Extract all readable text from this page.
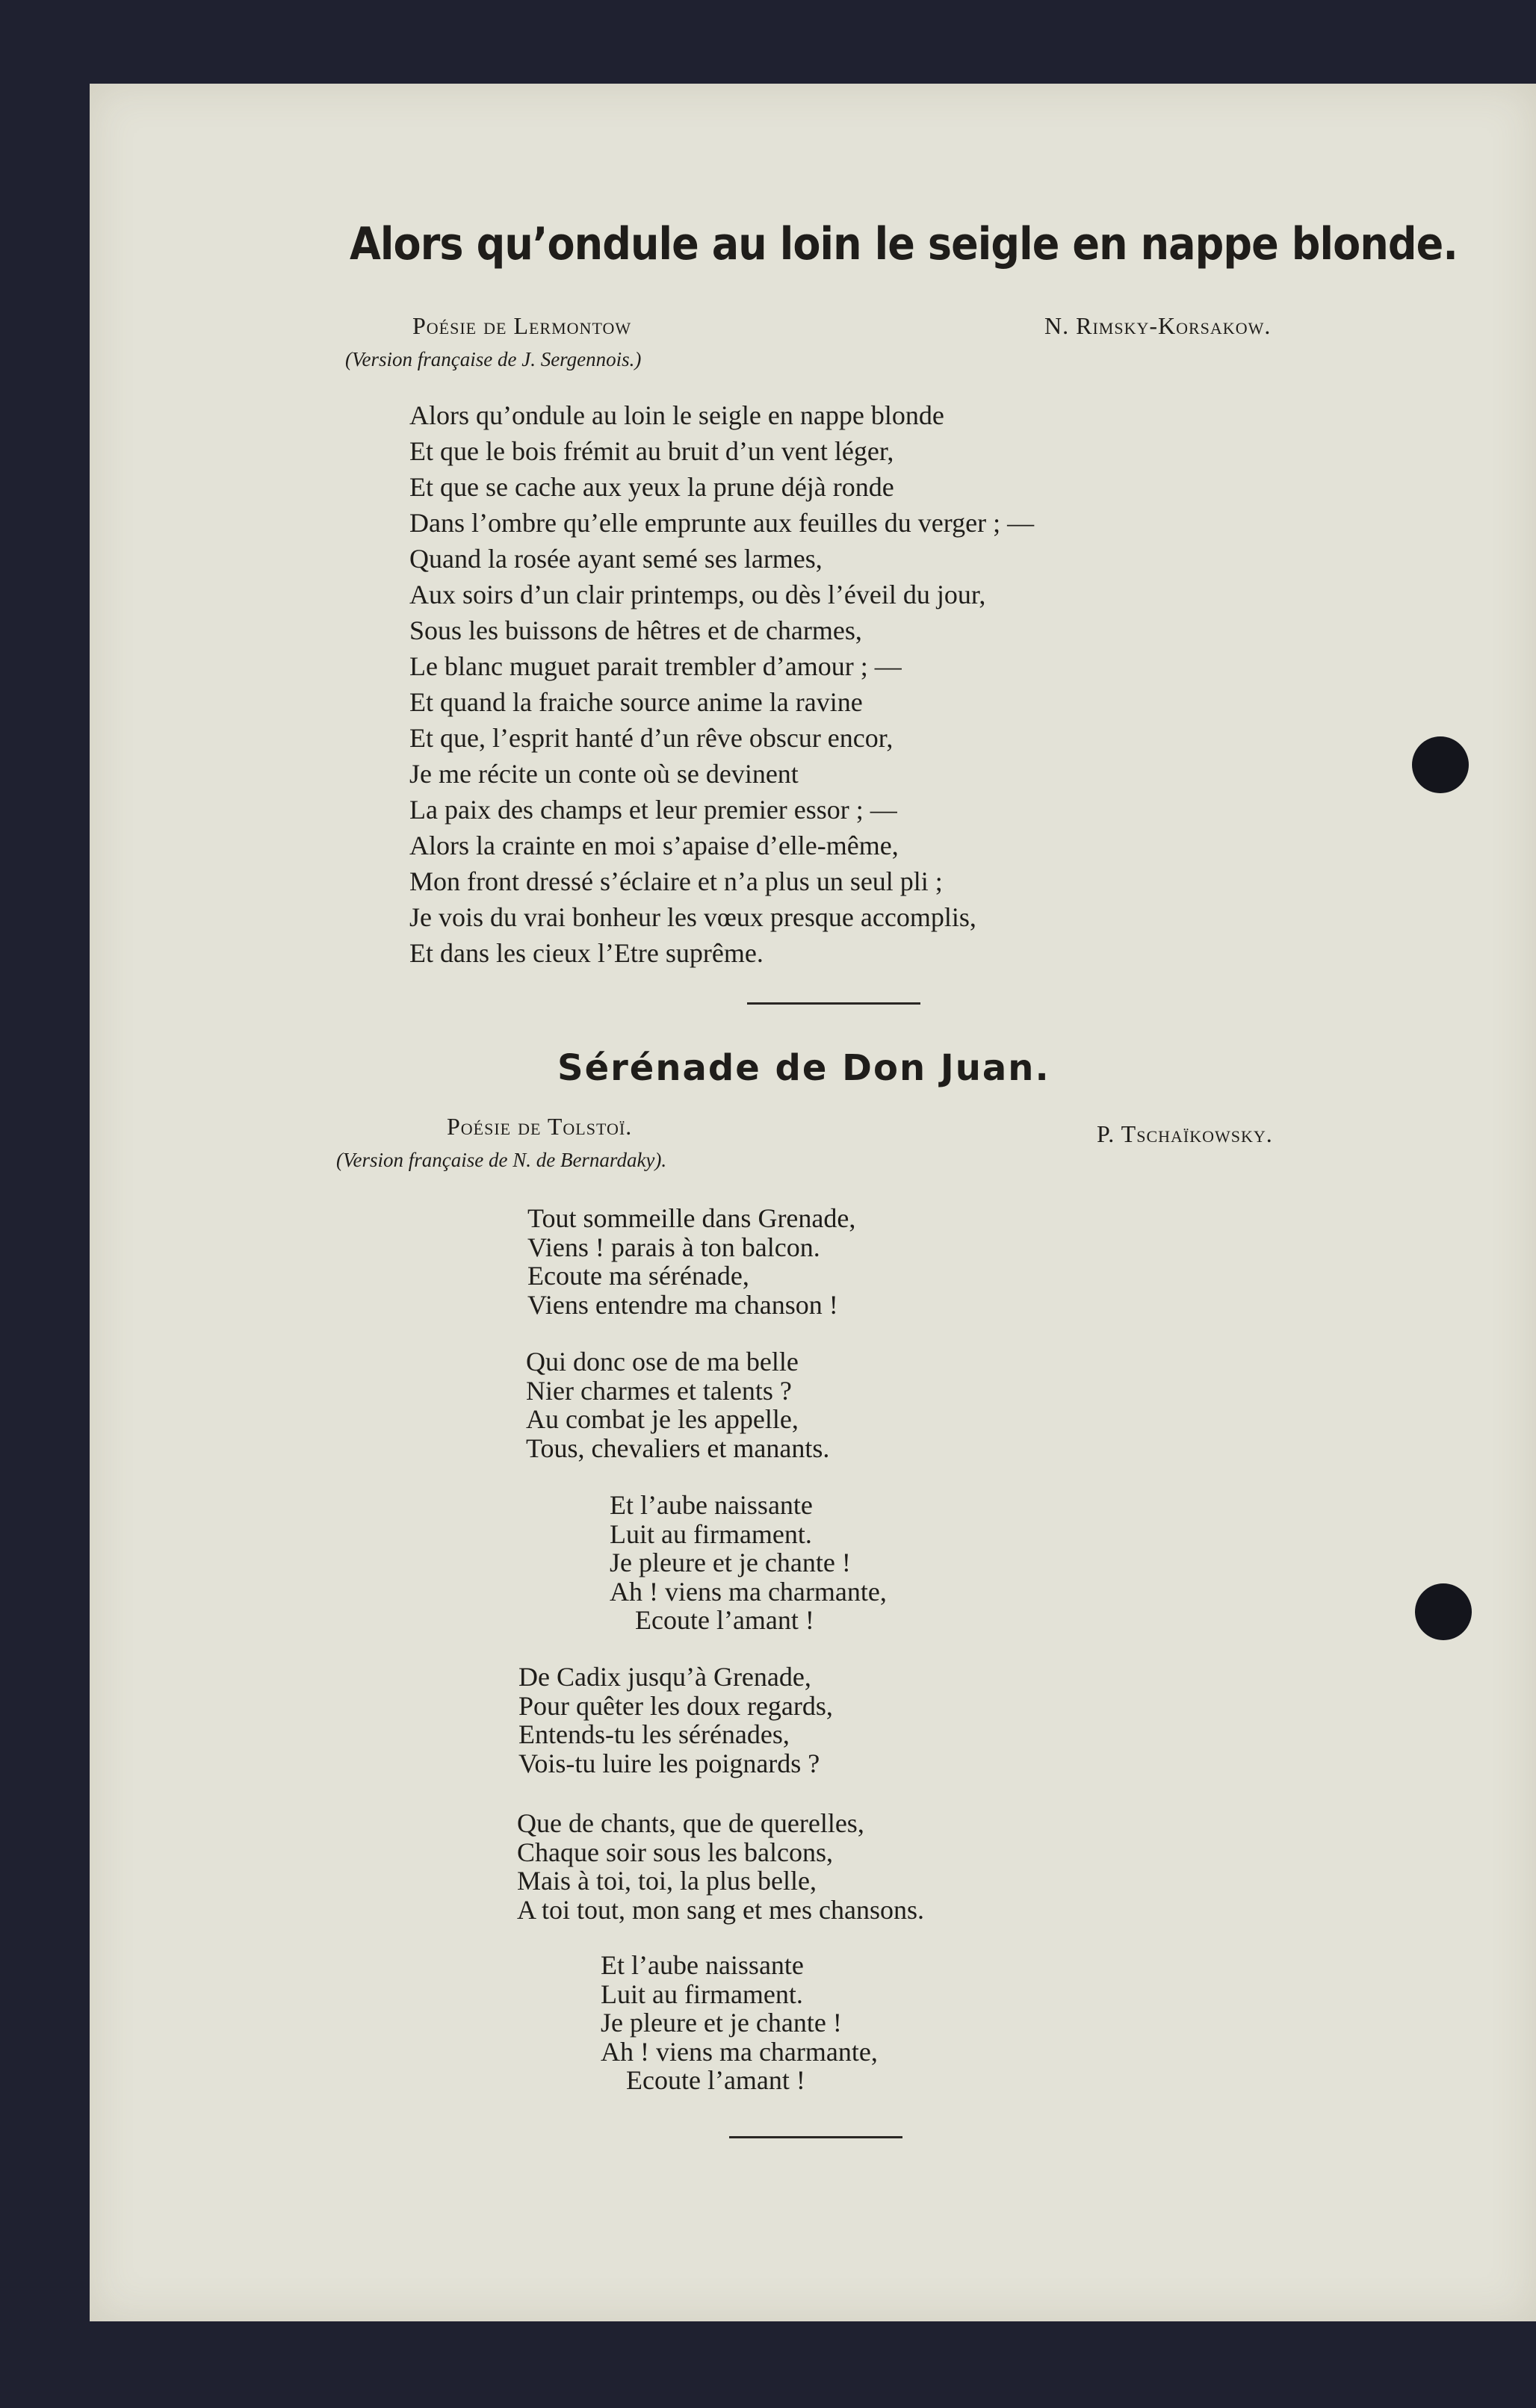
Alors qu’ondule au loin le seigle en nappe blonde.

Poésie de Lermontow	N. Rimsky-Korsakow.

(Version française de J. Sergennois.)

Alors qu’ondule au loin le seigle en nappe blonde
Et que le bois frémit au bruit d’un vent léger,
Et que se cache aux yeux la prune déjà ronde
Dans l’ombre qu’elle emprunte aux feuilles du verger ; —
Quand la rosée ayant semé ses larmes,
Aux soirs d’un clair printemps, ou dès l’éveil du jour,
Sous les buissons de hêtres et de charmes,
Le blanc muguet parait trembler d’amour ; —
Et quand la fraiche source anime la ravine
Et que, l’esprit hanté d’un rêve obscur encor,
Je me récite un conte où se devinent
La paix des champs et leur premier essor ; —
Alors la crainte en moi s’apaise d’elle-même,
Mon front dressé s’éclaire et n’a plus un seul pli ;
Je vois du vrai bonheur les vœux presque accomplis,
Et dans les cieux l’Etre suprême.
Sérénade de Don Juan.

Poésie de Tolstoï.	P. Tschaïkowsky.

(Version française de N. de Bernardaky).

Tout sommeille dans Grenade,
Viens ! parais à ton balcon.
Ecoute ma sérénade,
Viens entendre ma chanson !
Qui donc ose de ma belle
Nier charmes et talents ?
Au combat je les appelle,
Tous, chevaliers et manants.
Et l’aube naissante
Luit au firmament.
Je pleure et je chante !
Ah ! viens ma charmante,
Ecoute l’amant !
De Cadix jusqu’à Grenade,
Pour quêter les doux regards,
Entends-tu les sérénades,
Vois-tu luire les poignards ?
Que de chants, que de querelles,
Chaque soir sous les balcons,
Mais à toi, toi, la plus belle,
A toi tout, mon sang et mes chansons.
Et l’aube naissante
Luit au firmament.
Je pleure et je chante !
Ah ! viens ma charmante,
Ecoute l’amant !
